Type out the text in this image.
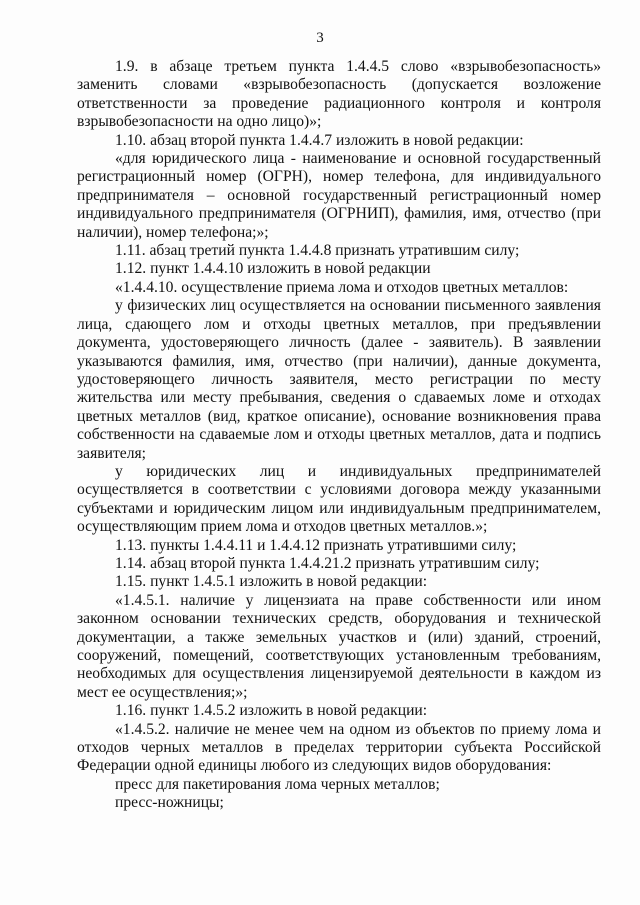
3

1.9. в абзаце третьем пункта 1.4.4.5 слово «взрывобезопасность» заменить словами «взрывобезопасность (допускается возложение ответственности за проведение радиационного контроля и контроля взрывобезопасности на одно лицо)»;

1.10. абзац второй пункта 1.4.4.7 изложить в новой редакции:

«для юридического лица - наименование и основной государственный регистрационный номер (ОГРН), номер телефона, для индивидуального предпринимателя – основной государственный регистрационный номер индивидуального предпринимателя (ОГРНИП), фамилия, имя, отчество (при наличии), номер телефона;»;

1.11. абзац третий пункта 1.4.4.8 признать утратившим силу;

1.12. пункт 1.4.4.10 изложить в новой редакции

«1.4.4.10. осуществление приема лома и отходов цветных металлов:

у физических лиц осуществляется на основании письменного заявления лица, сдающего лом и отходы цветных металлов, при предъявлении документа, удостоверяющего личность (далее - заявитель). В заявлении указываются фамилия, имя, отчество (при наличии), данные документа, удостоверяющего личность заявителя, место регистрации по месту жительства или месту пребывания, сведения о сдаваемых ломе и отходах цветных металлов (вид, краткое описание), основание возникновения права собственности на сдаваемые лом и отходы цветных металлов, дата и подпись заявителя;

у юридических лиц и индивидуальных предпринимателей осуществляется в соответствии с условиями договора между указанными субъектами и юридическим лицом или индивидуальным предпринимателем, осуществляющим прием лома и отходов цветных металлов.»;

1.13. пункты 1.4.4.11 и 1.4.4.12 признать утратившими силу;

1.14. абзац второй пункта 1.4.4.21.2 признать утратившим силу;

1.15. пункт 1.4.5.1 изложить в новой редакции:

«1.4.5.1. наличие у лицензиата на праве собственности или ином законном основании технических средств, оборудования и технической документации, а также земельных участков и (или) зданий, строений, сооружений, помещений, соответствующих установленным требованиям, необходимых для осуществления лицензируемой деятельности в каждом из мест ее осуществления;»;

1.16. пункт 1.4.5.2 изложить в новой редакции:

«1.4.5.2. наличие не менее чем на одном из объектов по приему лома и отходов черных металлов в пределах территории субъекта Российской Федерации одной единицы любого из следующих видов оборудования:

пресс для пакетирования лома черных металлов;

пресс-ножницы;
